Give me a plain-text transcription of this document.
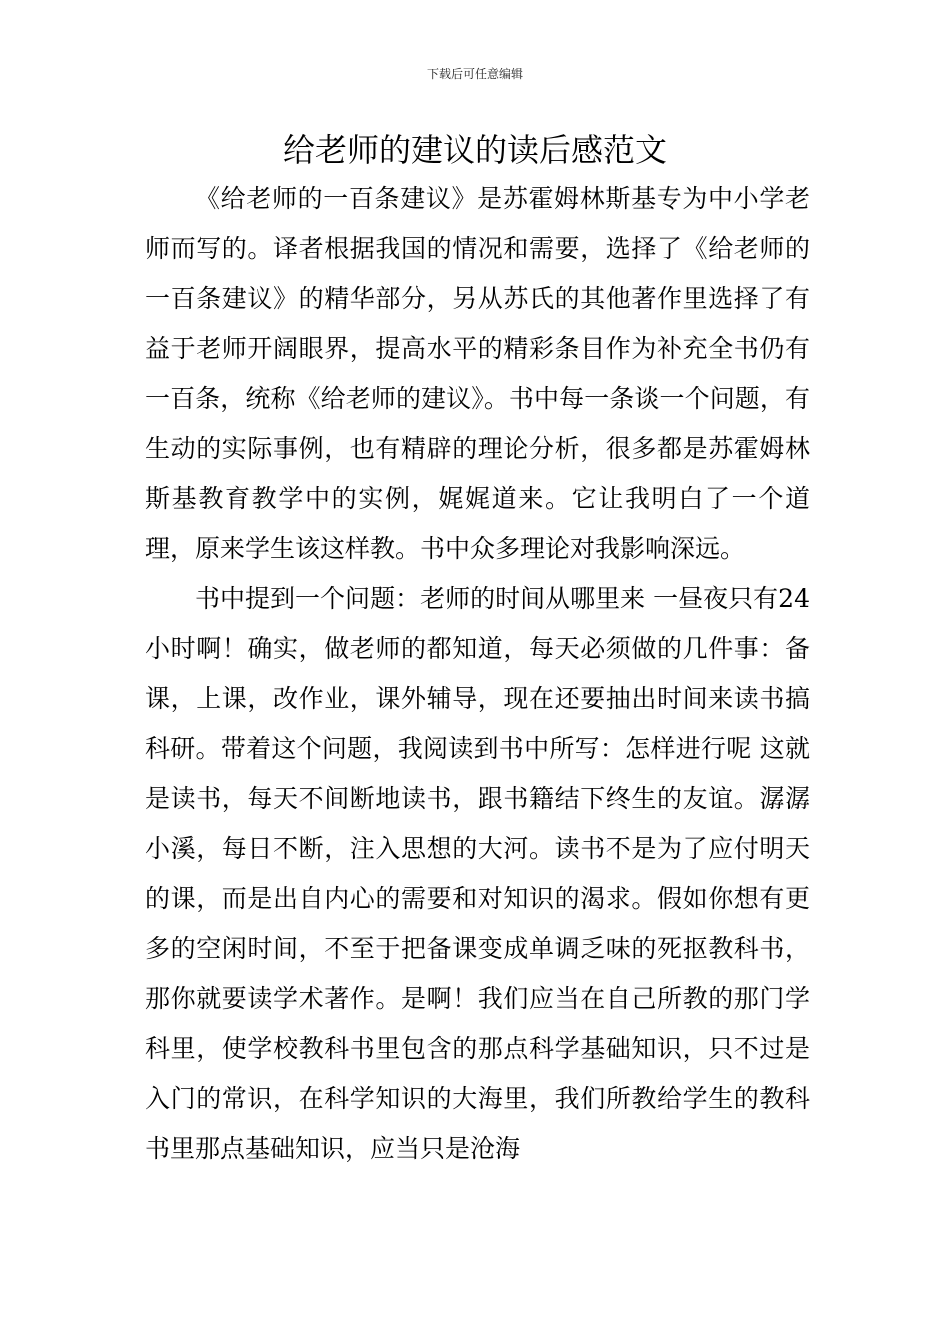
下载后可任意编辑
给老师的建议的读后感范文

《给老师的一百条建议》是苏霍姆林斯基专为中小学老师而写的。译者根据我国的情况和需要，选择了《给老师的一百条建议》的精华部分，另从苏氏的其他著作里选择了有益于老师开阔眼界，提高水平的精彩条目作为补充全书仍有一百条，统称《给老师的建议》。书中每一条谈一个问题，有生动的实际事例，也有精辟的理论分析，很多都是苏霍姆林斯基教育教学中的实例，娓娓道来。它让我明白了一个道理，原来学生该这样教。书中众多理论对我影响深远。

书中提到一个问题：老师的时间从哪里来 一昼夜只有24小时啊！确实，做老师的都知道，每天必须做的几件事：备课，上课，改作业，课外辅导，现在还要抽出时间来读书搞科研。带着这个问题，我阅读到书中所写：怎样进行呢 这就是读书，每天不间断地读书，跟书籍结下终生的友谊。潺潺小溪，每日不断，注入思想的大河。读书不是为了应付明天的课，而是出自内心的需要和对知识的渴求。假如你想有更多的空闲时间，不至于把备课变成单调乏味的死抠教科书，那你就要读学术著作。是啊！我们应当在自己所教的那门学科里，使学校教科书里包含的那点科学基础知识，只不过是入门的常识，在科学知识的大海里，我们所教给学生的教科书里那点基础知识，应当只是沧海
